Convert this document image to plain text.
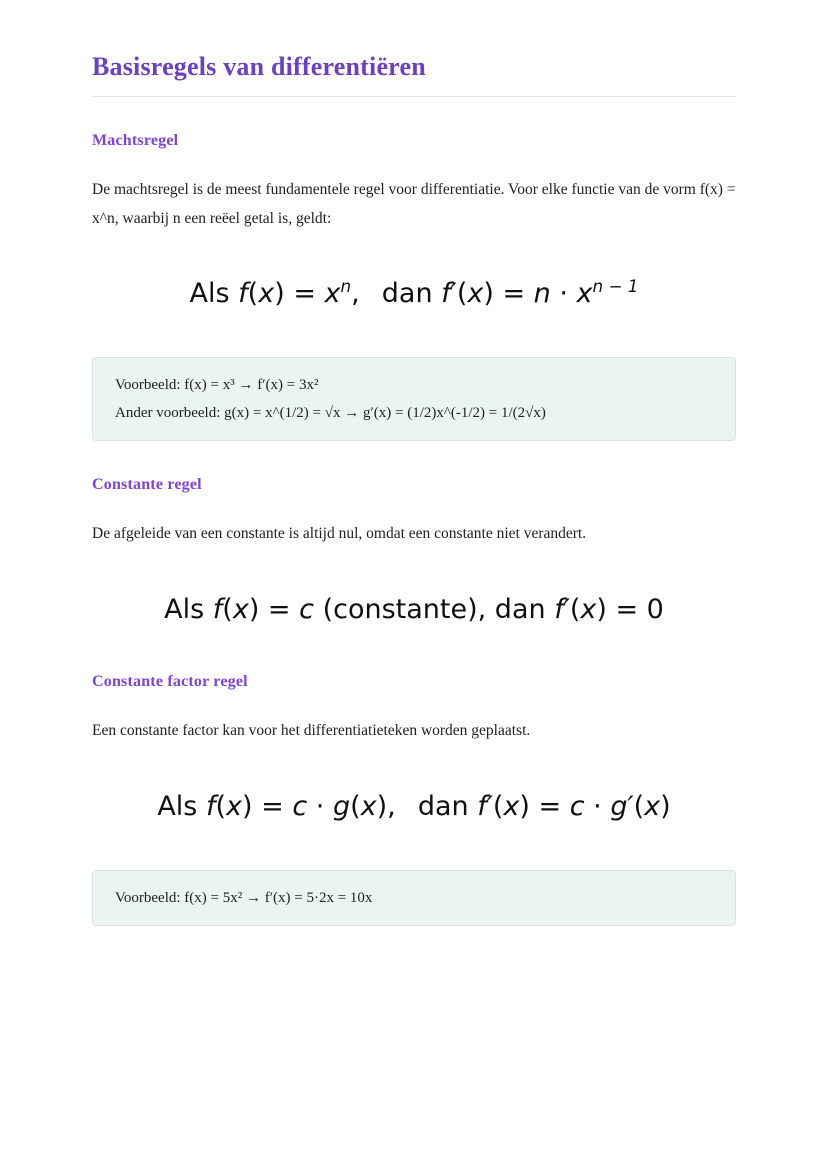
Basisregels van differentiëren
Machtsregel

De machtsregel is de meest fundamentele regel voor differentiatie. Voor elke functie van de vorm f(x) = x^n, waarbij n een reëel getal is, geldt:

Als $f(x) = x^n$,  dan $f'(x) = n \cdot x^{n - 1}$
Voorbeeld: f(x) = x³ → f′(x) = 3x²
Ander voorbeeld: g(x) = x^(1/2) = √x → g′(x) = (1/2)x^(-1/2) = 1/(2√x)
Constante regel

De afgeleide van een constante is altijd nul, omdat een constante niet verandert.

Als f(x) = c (constante), dan f′(x) = 0
Constante factor regel

Een constante factor kan voor het differentiatieteken worden geplaatst.

Als f(x) = c · g(x),  dan f′(x) = c · g′(x)
Voorbeeld: f(x) = 5x² → f′(x) = 5·2x = 10x
